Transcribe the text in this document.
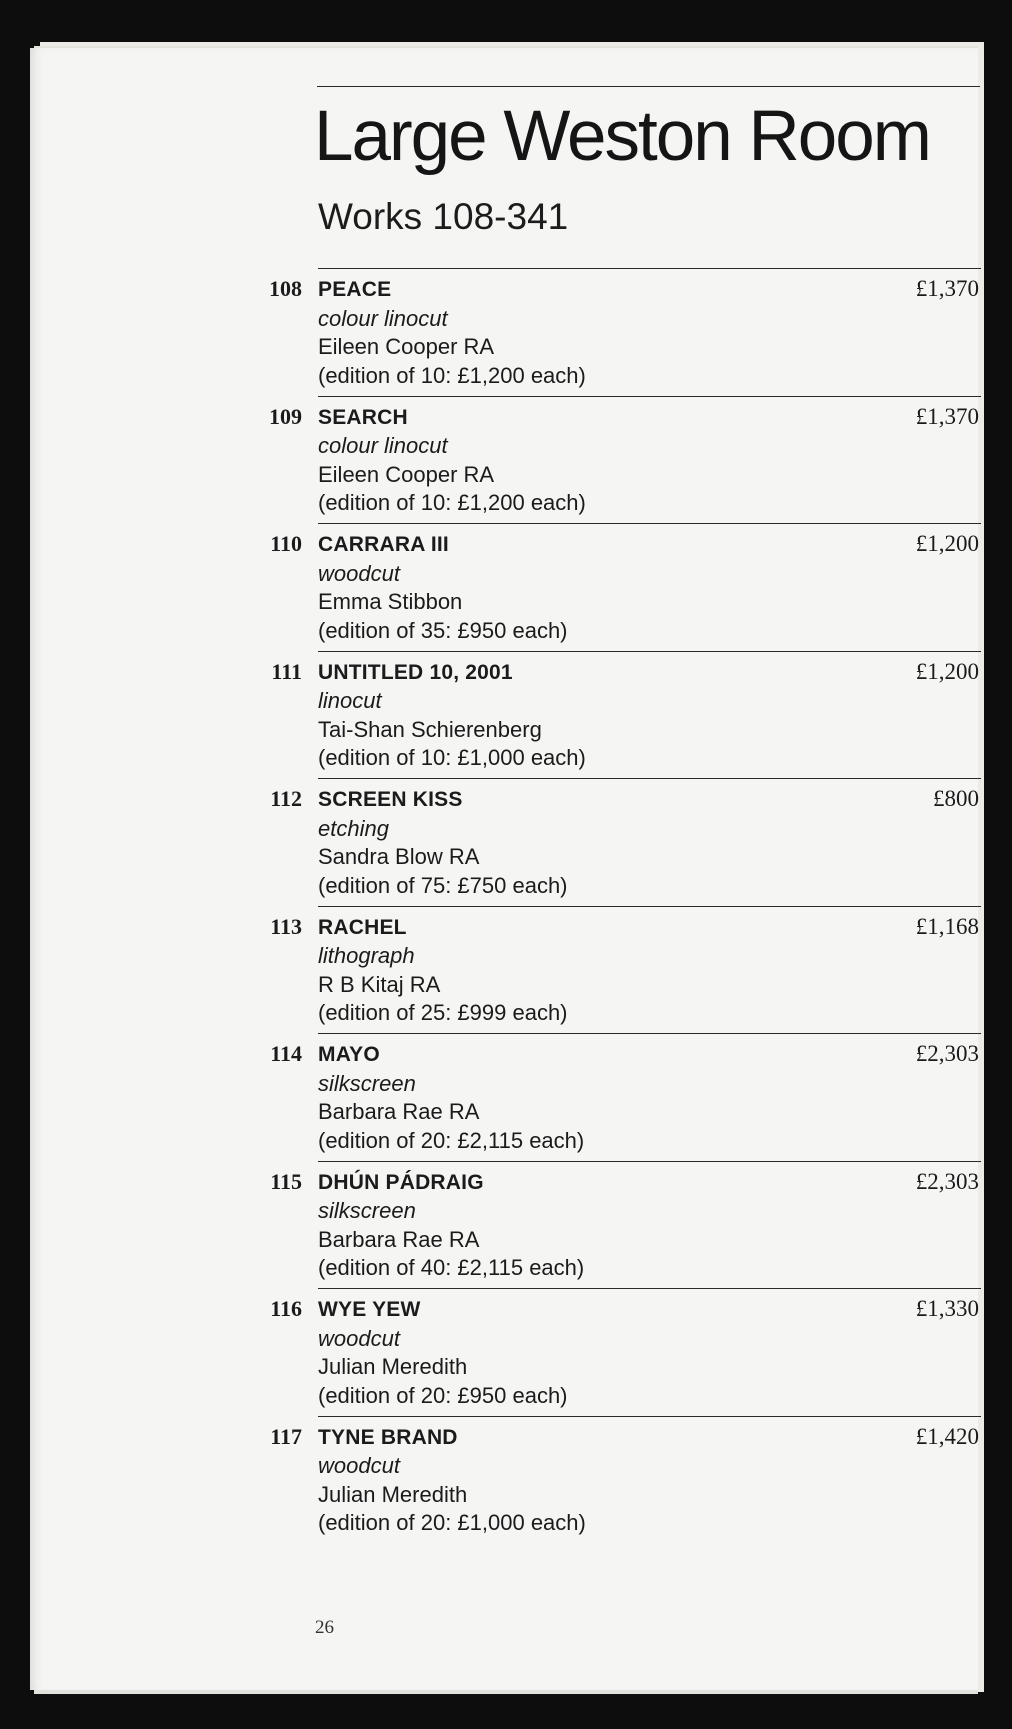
Large Weston Room
Works 108-341
108 PEACE
colour linocut
Eileen Cooper RA
(edition of 10: £1,200 each)
£1,370
109 SEARCH
colour linocut
Eileen Cooper RA
(edition of 10: £1,200 each)
£1,370
110 CARRARA III
woodcut
Emma Stibbon
(edition of 35: £950 each)
£1,200
111 UNTITLED 10, 2001
linocut
Tai-Shan Schierenberg
(edition of 10: £1,000 each)
£1,200
112 SCREEN KISS
etching
Sandra Blow RA
(edition of 75: £750 each)
£800
113 RACHEL
lithograph
R B Kitaj RA
(edition of 25: £999 each)
£1,168
114 MAYO
silkscreen
Barbara Rae RA
(edition of 20: £2,115 each)
£2,303
115 DHÚN PÁDRAIG
silkscreen
Barbara Rae RA
(edition of 40: £2,115 each)
£2,303
116 WYE YEW
woodcut
Julian Meredith
(edition of 20: £950 each)
£1,330
117 TYNE BRAND
woodcut
Julian Meredith
(edition of 20: £1,000 each)
£1,420
26
